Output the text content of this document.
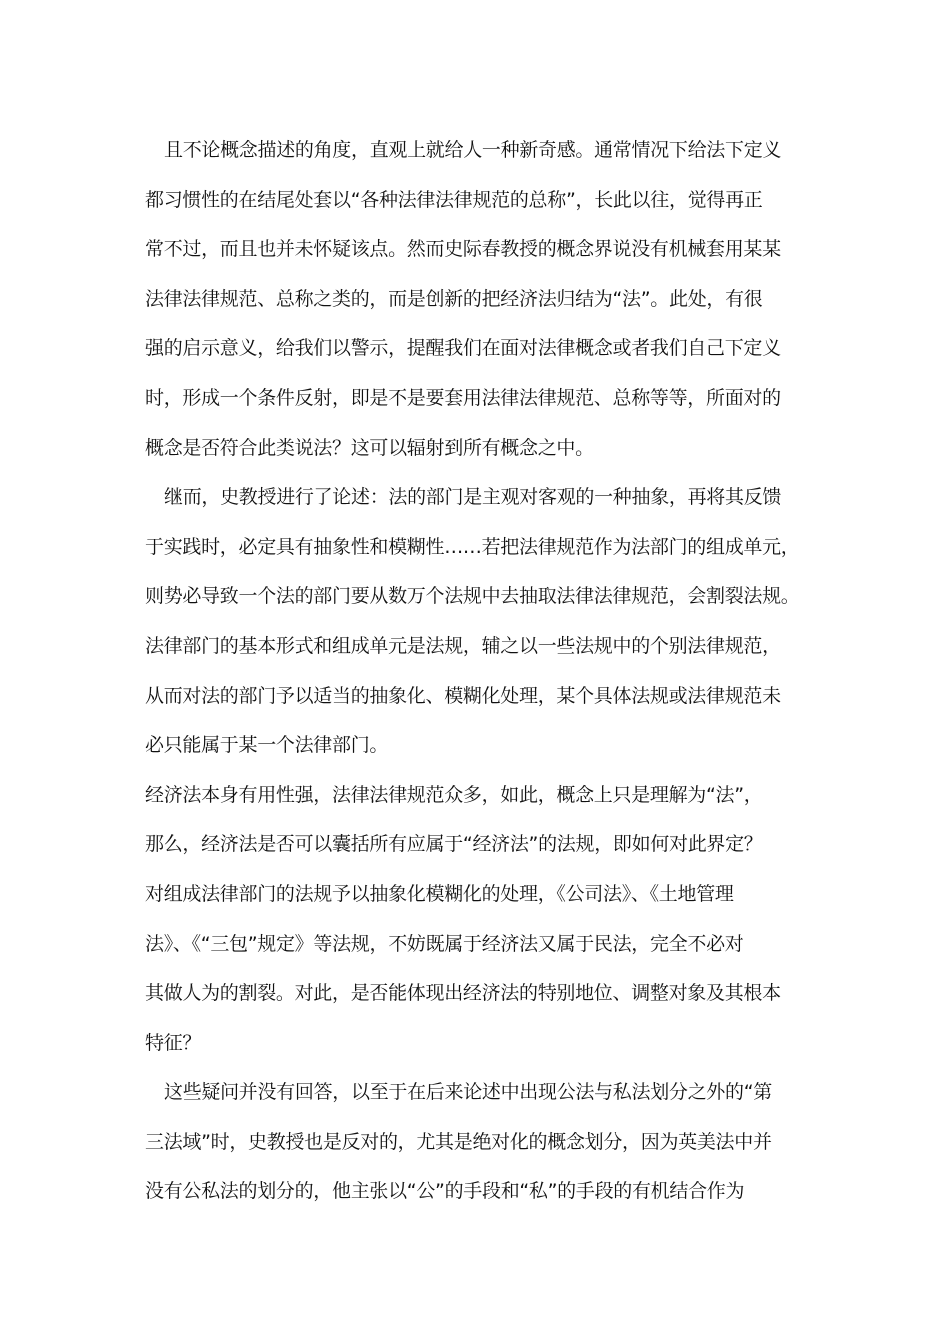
且不论概念描述的角度，直观上就给人一种新奇感。通常情况下给法下定义
都习惯性的在结尾处套以“各种法律法律规范的总称”，长此以往，觉得再正
常不过，而且也并未怀疑该点。然而史际春教授的概念界说没有机械套用某某
法律法律规范、总称之类的，而是创新的把经济法归结为“法”。此处，有很
强的启示意义，给我们以警示，提醒我们在面对法律概念或者我们自己下定义
时，形成一个条件反射，即是不是要套用法律法律规范、总称等等，所面对的
概念是否符合此类说法？这可以辐射到所有概念之中。
继而，史教授进行了论述：法的部门是主观对客观的一种抽象，再将其反馈
于实践时，必定具有抽象性和模糊性……若把法律规范作为法部门的组成单元，
则势必导致一个法的部门要从数万个法规中去抽取法律法律规范，会割裂法规。
法律部门的基本形式和组成单元是法规，辅之以一些法规中的个别法律规范，
从而对法的部门予以适当的抽象化、模糊化处理，某个具体法规或法律规范未
必只能属于某一个法律部门。
经济法本身有用性强，法律法律规范众多，如此，概念上只是理解为“法”，
那么，经济法是否可以囊括所有应属于“经济法”的法规，即如何对此界定？
对组成法律部门的法规予以抽象化模糊化的处理，《公司法》、《土地管理
法》、《“三包”规定》等法规，不妨既属于经济法又属于民法，完全不必对
其做人为的割裂。对此，是否能体现出经济法的特别地位、调整对象及其根本
特征？
这些疑问并没有回答，以至于在后来论述中出现公法与私法划分之外的“第
三法域”时，史教授也是反对的，尤其是绝对化的概念划分，因为英美法中并
没有公私法的划分的，他主张以“公”的手段和“私”的手段的有机结合作为
